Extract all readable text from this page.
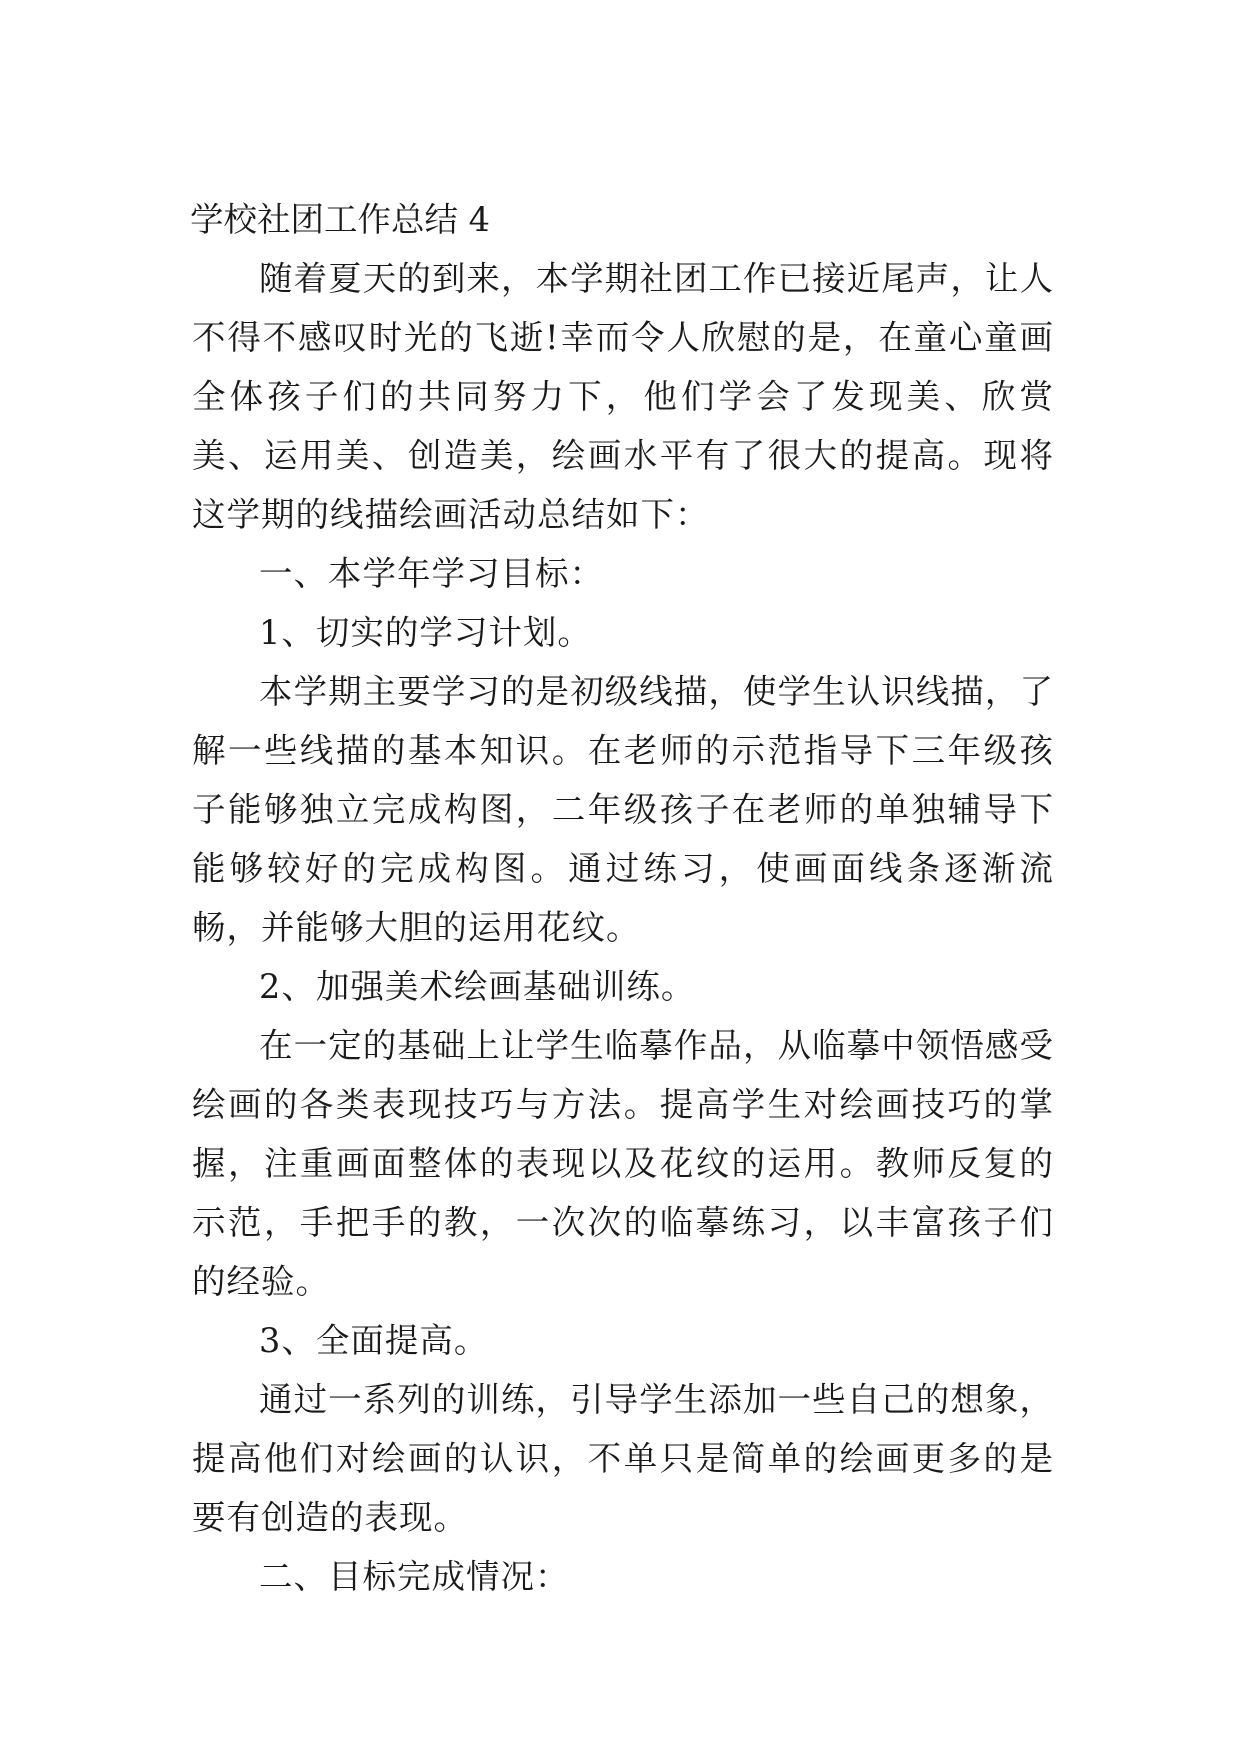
学校社团工作总结 4

随着夏天的到来，本学期社团工作已接近尾声，让人不得不感叹时光的飞逝!幸而令人欣慰的是，在童心童画全体孩子们的共同努力下，他们学会了发现美、欣赏美、运用美、创造美，绘画水平有了很大的提高。现将这学期的线描绘画活动总结如下：

一、本学年学习目标：

1、切实的学习计划。

本学期主要学习的是初级线描，使学生认识线描，了解一些线描的基本知识。在老师的示范指导下三年级孩子能够独立完成构图，二年级孩子在老师的单独辅导下能够较好的完成构图。通过练习，使画面线条逐渐流畅，并能够大胆的运用花纹。

2、加强美术绘画基础训练。

在一定的基础上让学生临摹作品，从临摹中领悟感受绘画的各类表现技巧与方法。提高学生对绘画技巧的掌握，注重画面整体的表现以及花纹的运用。教师反复的示范，手把手的教，一次次的临摹练习，以丰富孩子们的经验。

3、全面提高。

通过一系列的训练，引导学生添加一些自己的想象，提高他们对绘画的认识，不单只是简单的绘画更多的是要有创造的表现。

二、目标完成情况：
